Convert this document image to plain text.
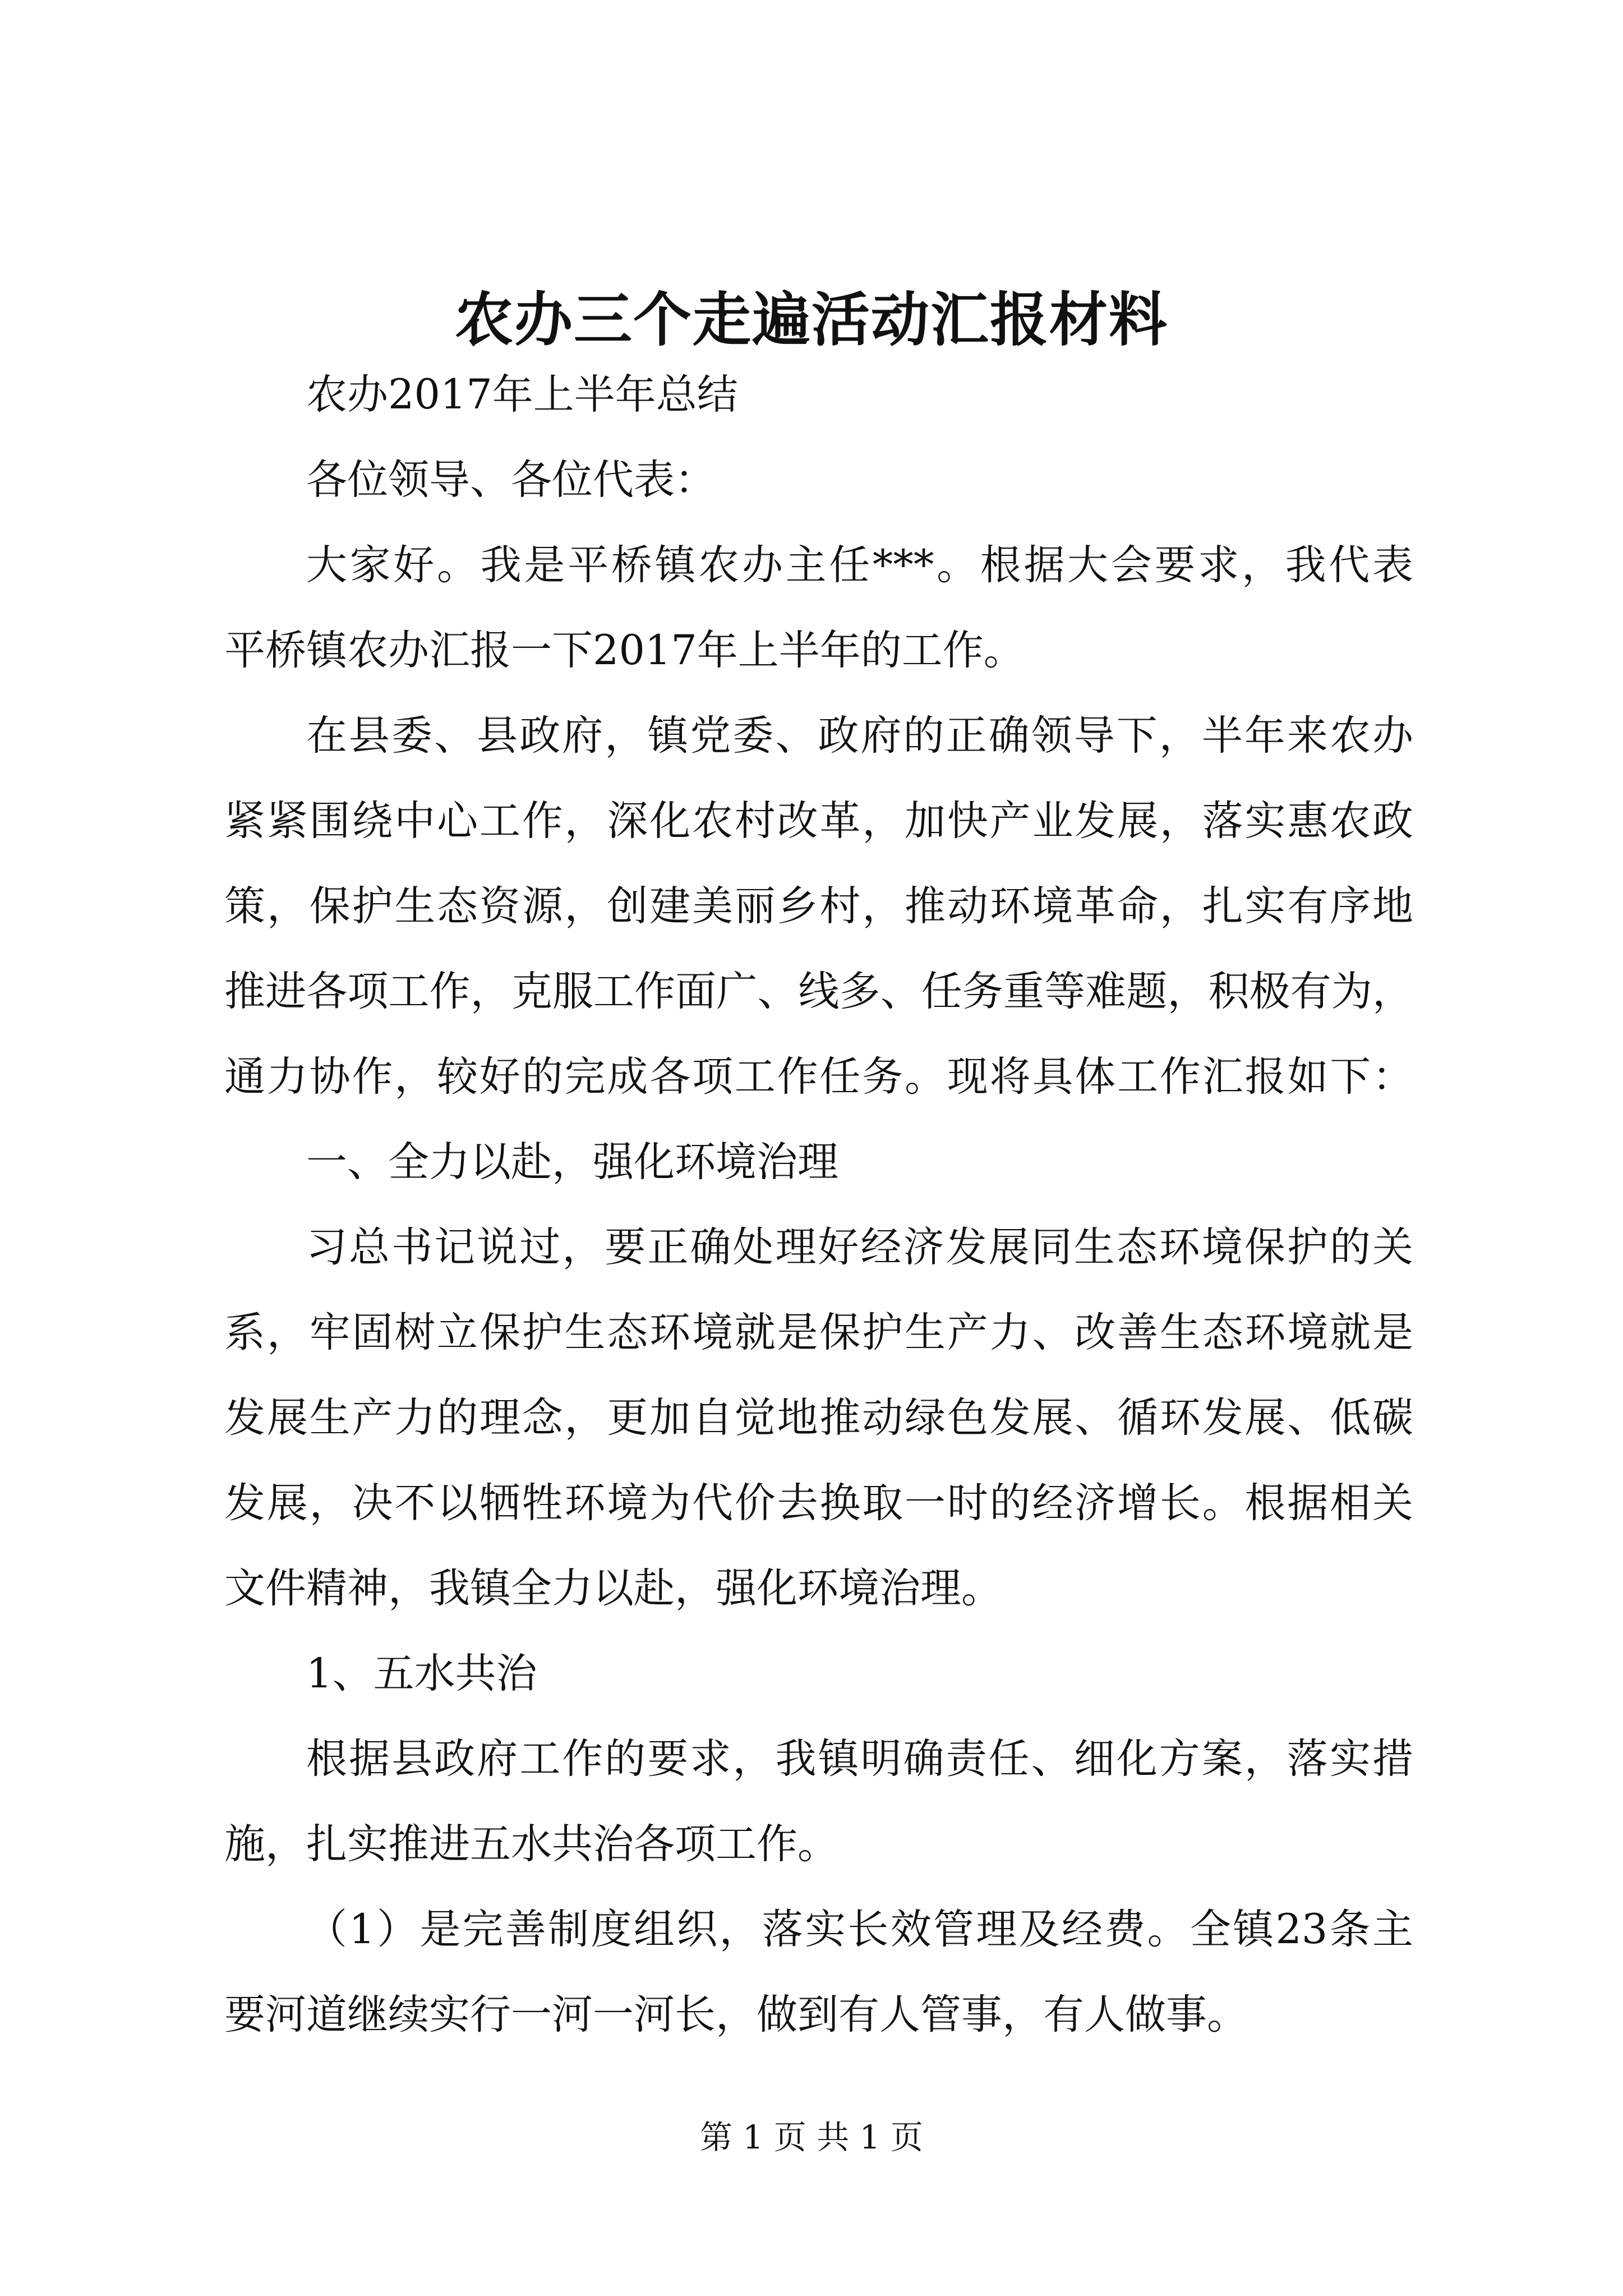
农办三个走遍活动汇报材料
农办2017年上半年总结
各位领导、各位代表：
大家好。我是平桥镇农办主任***。根据大会要求，我代表
平桥镇农办汇报一下2017年上半年的工作。
在县委、县政府，镇党委、政府的正确领导下，半年来农办
紧紧围绕中心工作，深化农村改革，加快产业发展，落实惠农政
策，保护生态资源，创建美丽乡村，推动环境革命，扎实有序地
推进各项工作，克服工作面广、线多、任务重等难题，积极有为，
通力协作，较好的完成各项工作任务。现将具体工作汇报如下：
一、全力以赴，强化环境治理
习总书记说过，要正确处理好经济发展同生态环境保护的关
系，牢固树立保护生态环境就是保护生产力、改善生态环境就是
发展生产力的理念，更加自觉地推动绿色发展、循环发展、低碳
发展，决不以牺牲环境为代价去换取一时的经济增长。根据相关
文件精神，我镇全力以赴，强化环境治理。
1、五水共治
根据县政府工作的要求，我镇明确责任、细化方案，落实措
施，扎实推进五水共治各项工作。
（1）是完善制度组织，落实长效管理及经费。全镇23条主
要河道继续实行一河一河长，做到有人管事，有人做事。
第 1 页 共 1 页
